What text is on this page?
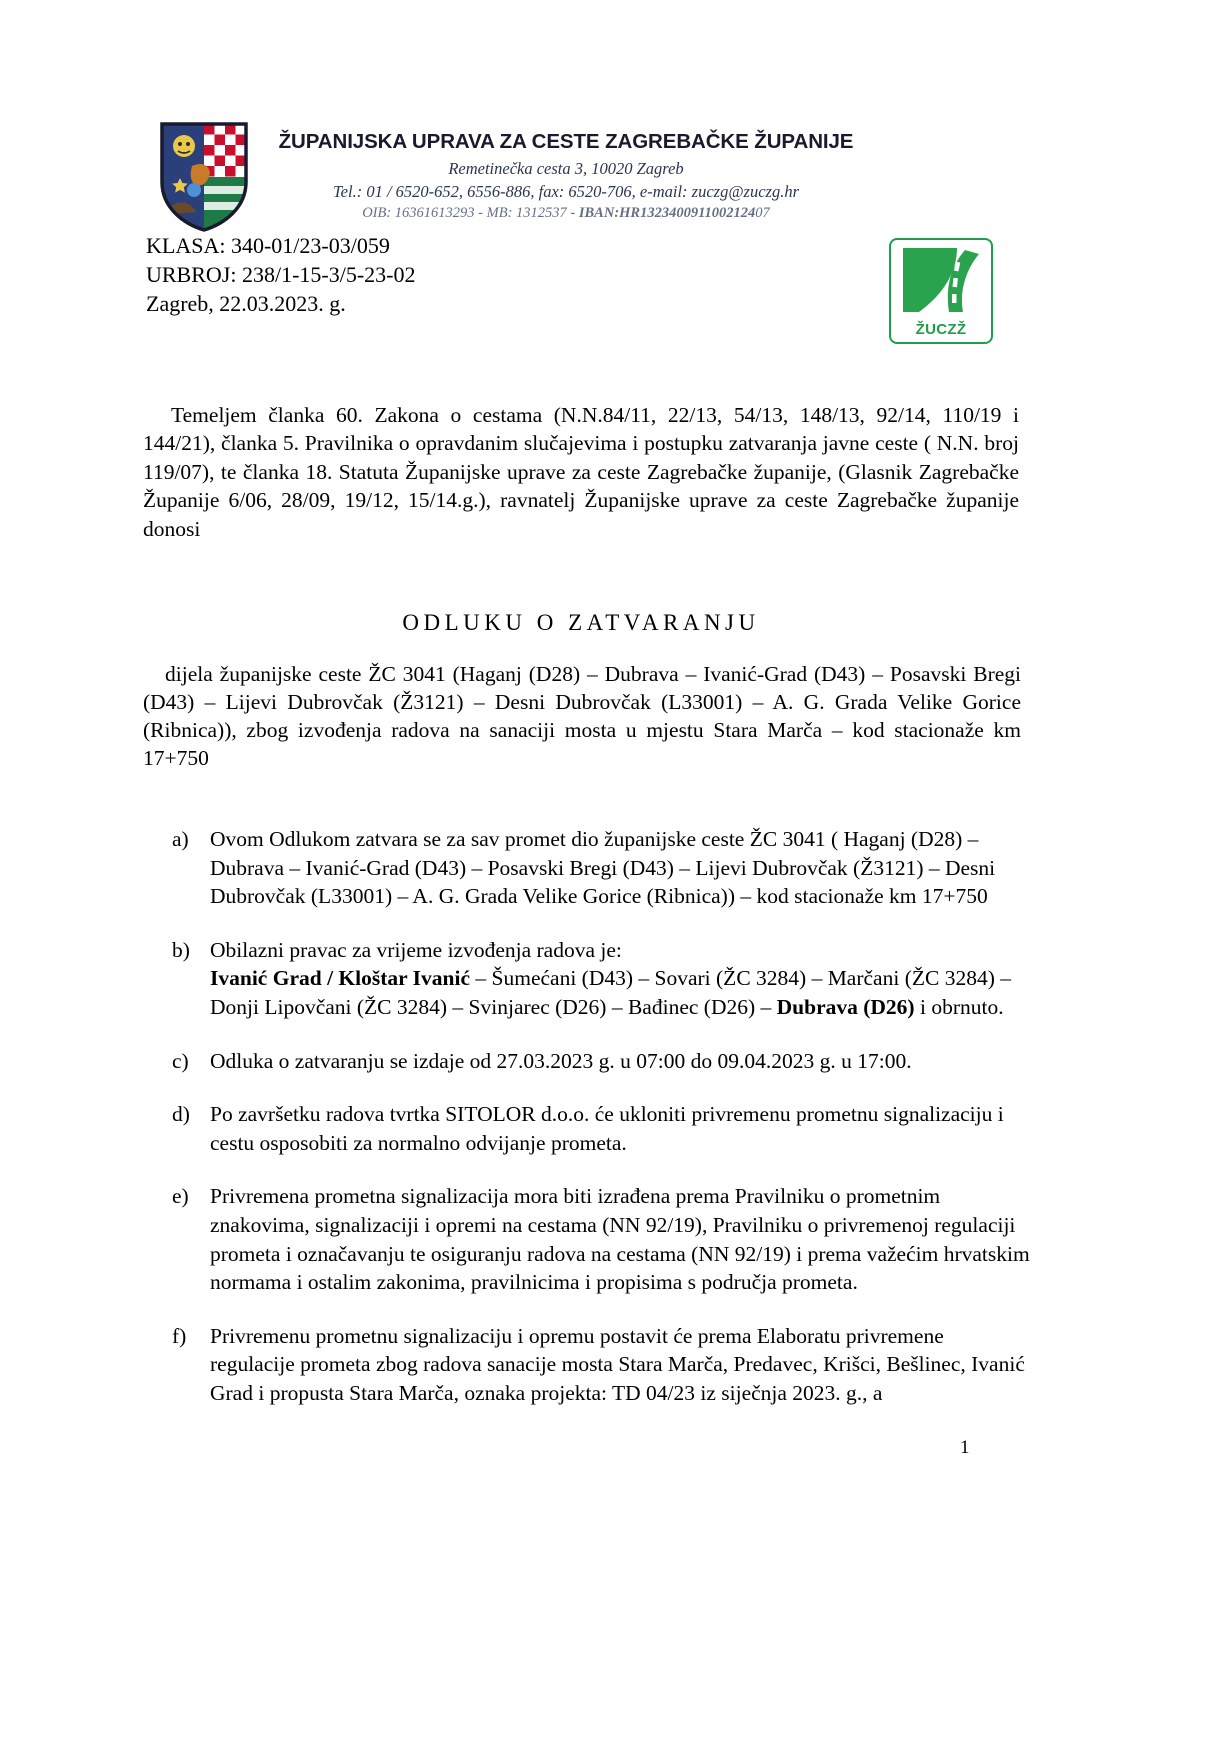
ŽUPANIJSKA UPRAVA ZA CESTE ZAGREBAČKE ŽUPANIJE
Remetinečka cesta 3, 10020 Zagreb
Tel.: 01 / 6520-652, 6556-886, fax: 6520-706, e-mail: zuczg@zuczg.hr
OIB: 16361613293 - MB: 1312537 - IBAN:HR132340091100212407
ŽUCZŽ
KLASA: 340-01/23-03/059
URBROJ: 238/1-15-3/5-23-02
Zagreb, 22.03.2023. g.
Temeljem članka 60. Zakona o cestama (N.N.84/11, 22/13, 54/13, 148/13, 92/14, 110/19 i 144/21), članka 5. Pravilnika o opravdanim slučajevima i postupku zatvaranja javne ceste ( N.N. broj 119/07), te članka 18. Statuta Županijske uprave za ceste Zagrebačke županije, (Glasnik Zagrebačke Županije 6/06, 28/09, 19/12, 15/14.g.), ravnatelj Županijske uprave za ceste Zagrebačke županije donosi
ODLUKU O ZATVARANJU
dijela županijske ceste ŽC 3041 (Haganj (D28) – Dubrava – Ivanić-Grad (D43) – Posavski Bregi (D43) – Lijevi Dubrovčak (Ž3121) – Desni Dubrovčak (L33001) – A. G. Grada Velike Gorice (Ribnica)), zbog izvođenja radova na sanaciji mosta u mjestu Stara Marča – kod stacionaže km 17+750
a) Ovom Odlukom zatvara se za sav promet dio županijske ceste ŽC 3041 ( Haganj (D28) – Dubrava – Ivanić-Grad (D43) – Posavski Bregi (D43) – Lijevi Dubrovčak (Ž3121) – Desni Dubrovčak (L33001) – A. G. Grada Velike Gorice (Ribnica)) – kod stacionaže km 17+750
b) Obilazni pravac za vrijeme izvođenja radova je:
Ivanić Grad / Kloštar Ivanić – Šumećani (D43) – Sovari (ŽC 3284) – Marčani (ŽC 3284) – Donji Lipovčani (ŽC 3284) – Svinjarec (D26) – Bađinec (D26) – Dubrava (D26) i obrnuto.
c) Odluka o zatvaranju se izdaje od 27.03.2023 g. u 07:00 do 09.04.2023 g. u 17:00.
d) Po završetku radova tvrtka SITOLOR d.o.o. će ukloniti privremenu prometnu signalizaciju i cestu osposobiti za normalno odvijanje prometa.
e) Privremena prometna signalizacija mora biti izrađena prema Pravilniku o prometnim znakovima, signalizaciji i opremi na cestama (NN 92/19), Pravilniku o privremenoj regulaciji prometa i označavanju te osiguranju radova na cestama (NN 92/19) i prema važećim hrvatskim normama i ostalim zakonima, pravilnicima i propisima s područja prometa.
f)	Privremenu prometnu signalizaciju i opremu postavit će prema Elaboratu privremene regulacije prometa zbog radova sanacije mosta Stara Marča, Predavec, Krišci, Bešlinec, Ivanić Grad i propusta Stara Marča, oznaka projekta: TD 04/23 iz siječnja 2023. g., a
1
